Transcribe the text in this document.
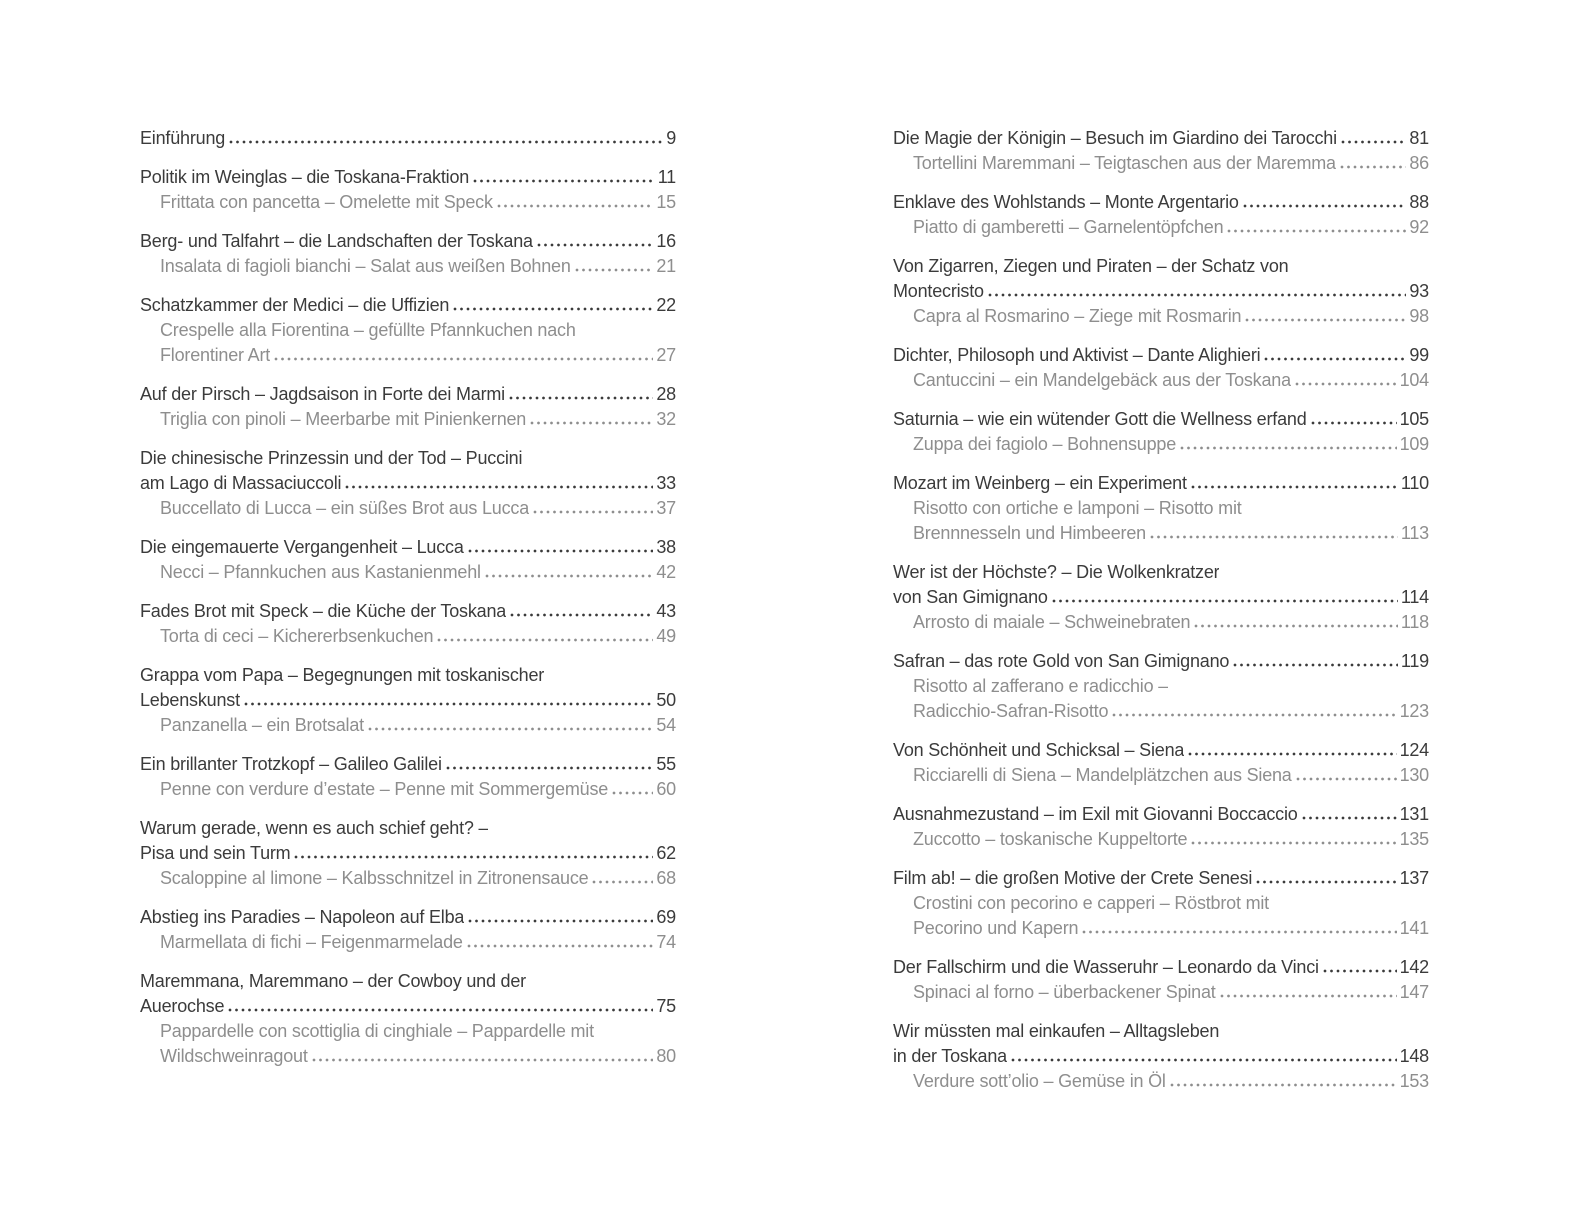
Einführung	9
Politik im Weinglas – die Toskana-Fraktion	11
Frittata con pancetta – Omelette mit Speck	15
Berg- und Talfahrt – die Landschaften der Toskana	16
Insalata di fagioli bianchi – Salat aus weißen Bohnen	21
Schatzkammer der Medici – die Uffizien	22
Crespelle alla Fiorentina – gefüllte Pfannkuchen nach
Florentiner Art	27
Auf der Pirsch – Jagdsaison in Forte dei Marmi	28
Triglia con pinoli – Meerbarbe mit Pinienkernen	32
Die chinesische Prinzessin und der Tod – Puccini
am Lago di Massaciuccoli	33
Buccellato di Lucca – ein süßes Brot aus Lucca	37
Die eingemauerte Vergangenheit – Lucca	38
Necci – Pfannkuchen aus Kastanienmehl	42
Fades Brot mit Speck – die Küche der Toskana	43
Torta di ceci – Kichererbsenkuchen	49
Grappa vom Papa – Begegnungen mit toskanischer
Lebenskunst	50
Panzanella – ein Brotsalat	54
Ein brillanter Trotzkopf – Galileo Galilei	55
Penne con verdure d’estate – Penne mit Sommergemüse	60
Warum gerade, wenn es auch schief geht? –
Pisa und sein Turm	62
Scaloppine al limone – Kalbsschnitzel in Zitronensauce	68
Abstieg ins Paradies – Napoleon auf Elba	69
Marmellata di fichi – Feigenmarmelade	74
Maremmana, Maremmano – der Cowboy und der
Auerochse	75
Pappardelle con scottiglia di cinghiale – Pappardelle mit
Wildschweinragout	80
Die Magie der Königin – Besuch im Giardino dei Tarocchi	81
Tortellini Maremmani – Teigtaschen aus der Maremma	86
Enklave des Wohlstands – Monte Argentario	88
Piatto di gamberetti – Garnelentöpfchen	92
Von Zigarren, Ziegen und Piraten – der Schatz von
Montecristo	93
Capra al Rosmarino – Ziege mit Rosmarin	98
Dichter, Philosoph und Aktivist – Dante Alighieri	99
Cantuccini – ein Mandelgebäck aus der Toskana	104
Saturnia – wie ein wütender Gott die Wellness erfand	105
Zuppa dei fagiolo – Bohnensuppe	109
Mozart im Weinberg – ein Experiment	110
Risotto con ortiche e lamponi – Risotto mit
Brennnesseln und Himbeeren	113
Wer ist der Höchste? – Die Wolkenkratzer
von San Gimignano	114
Arrosto di maiale – Schweinebraten	118
Safran – das rote Gold von San Gimignano	119
Risotto al zafferano e radicchio –
Radicchio-Safran-Risotto	123
Von Schönheit und Schicksal – Siena	124
Ricciarelli di Siena – Mandelplätzchen aus Siena	130
Ausnahmezustand – im Exil mit Giovanni Boccaccio	131
Zuccotto – toskanische Kuppeltorte	135
Film ab! – die großen Motive der Crete Senesi	137
Crostini con pecorino e capperi – Röstbrot mit
Pecorino und Kapern	141
Der Fallschirm und die Wasseruhr – Leonardo da Vinci	142
Spinaci al forno – überbackener Spinat	147
Wir müssten mal einkaufen – Alltagsleben
in der Toskana	148
Verdure sott’olio – Gemüse in Öl	153
